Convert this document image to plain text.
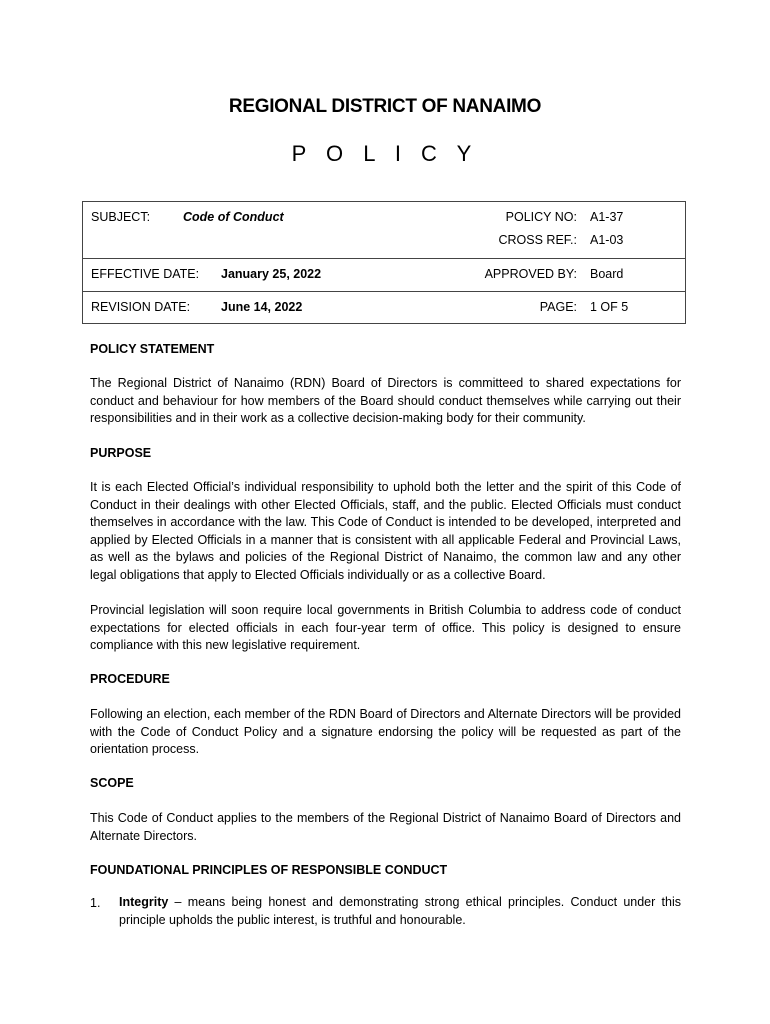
REGIONAL DISTRICT OF NANAIMO
P O L I C Y
SUBJECT:	Code of Conduct	POLICY NO: A1-37
CROSS REF.: A1-03
EFFECTIVE DATE: January 25, 2022	APPROVED BY: Board
REVISION DATE: June 14, 2022	PAGE: 1 OF 5
POLICY STATEMENT
The Regional District of Nanaimo (RDN) Board of Directors is committeed to shared expectations for conduct and behaviour for how members of the Board should conduct themselves while carrying out their responsibilities and in their work as a collective decision-making body for their community.
PURPOSE
It is each Elected Official’s individual responsibility to uphold both the letter and the spirit of this Code of Conduct in their dealings with other Elected Officials, staff, and the public. Elected Officials must conduct themselves in accordance with the law. This Code of Conduct is intended to be developed, interpreted and applied by Elected Officials in a manner that is consistent with all applicable Federal and Provincial Laws, as well as the bylaws and policies of the Regional District of Nanaimo, the common law and any other legal obligations that apply to Elected Officials individually or as a collective Board.
Provincial legislation will soon require local governments in British Columbia to address code of conduct expectations for elected officials in each four-year term of office. This policy is designed to ensure compliance with this new legislative requirement.
PROCEDURE
Following an election, each member of the RDN Board of Directors and Alternate Directors will be provided with the Code of Conduct Policy and a signature endorsing the policy will be requested as part of the orientation process.
SCOPE
This Code of Conduct applies to the members of the Regional District of Nanaimo Board of Directors and Alternate Directors.
FOUNDATIONAL PRINCIPLES OF RESPONSIBLE CONDUCT
1. Integrity – means being honest and demonstrating strong ethical principles. Conduct under this principle upholds the public interest, is truthful and honourable.
